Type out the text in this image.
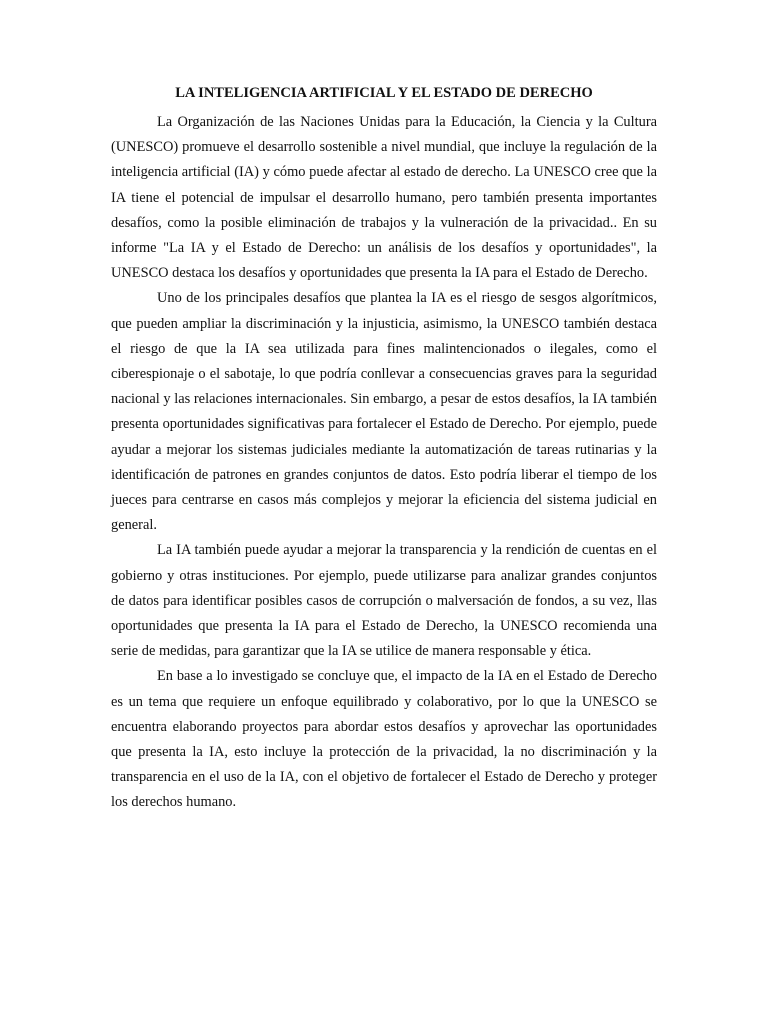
LA INTELIGENCIA ARTIFICIAL Y EL ESTADO DE DERECHO

La Organización de las Naciones Unidas para la Educación, la Ciencia y la Cultura (UNESCO) promueve el desarrollo sostenible a nivel mundial, que incluye la regulación de la inteligencia artificial (IA) y cómo puede afectar al estado de derecho. La UNESCO cree que la IA tiene el potencial de impulsar el desarrollo humano, pero también presenta importantes desafíos, como la posible eliminación de trabajos y la vulneración de la privacidad.. En su informe "La IA y el Estado de Derecho: un análisis de los desafíos y oportunidades", la UNESCO destaca los desafíos y oportunidades que presenta la IA para el Estado de Derecho.

Uno de los principales desafíos que plantea la IA es el riesgo de sesgos algorítmicos, que pueden ampliar la discriminación y la injusticia, asimismo, la UNESCO también destaca el riesgo de que la IA sea utilizada para fines malintencionados o ilegales, como el ciberespionaje o el sabotaje, lo que podría conllevar a consecuencias graves para la seguridad nacional y las relaciones internacionales. Sin embargo, a pesar de estos desafíos, la IA también presenta oportunidades significativas para fortalecer el Estado de Derecho. Por ejemplo, puede ayudar a mejorar los sistemas judiciales mediante la automatización de tareas rutinarias y la identificación de patrones en grandes conjuntos de datos. Esto podría liberar el tiempo de los jueces para centrarse en casos más complejos y mejorar la eficiencia del sistema judicial en general.

La IA también puede ayudar a mejorar la transparencia y la rendición de cuentas en el gobierno y otras instituciones. Por ejemplo, puede utilizarse para analizar grandes conjuntos de datos para identificar posibles casos de corrupción o malversación de fondos, a su vez, llas oportunidades que presenta la IA para el Estado de Derecho, la UNESCO recomienda una serie de medidas, para garantizar que la IA se utilice de manera responsable y ética.

En base a lo investigado se concluye que, el impacto de la IA en el Estado de Derecho es un tema que requiere un enfoque equilibrado y colaborativo, por lo que la UNESCO se encuentra elaborando proyectos para abordar estos desafíos y aprovechar las oportunidades que presenta la IA, esto incluye la protección de la privacidad, la no discriminación y la transparencia en el uso de la IA, con el objetivo de fortalecer el Estado de Derecho y proteger los derechos humano.
